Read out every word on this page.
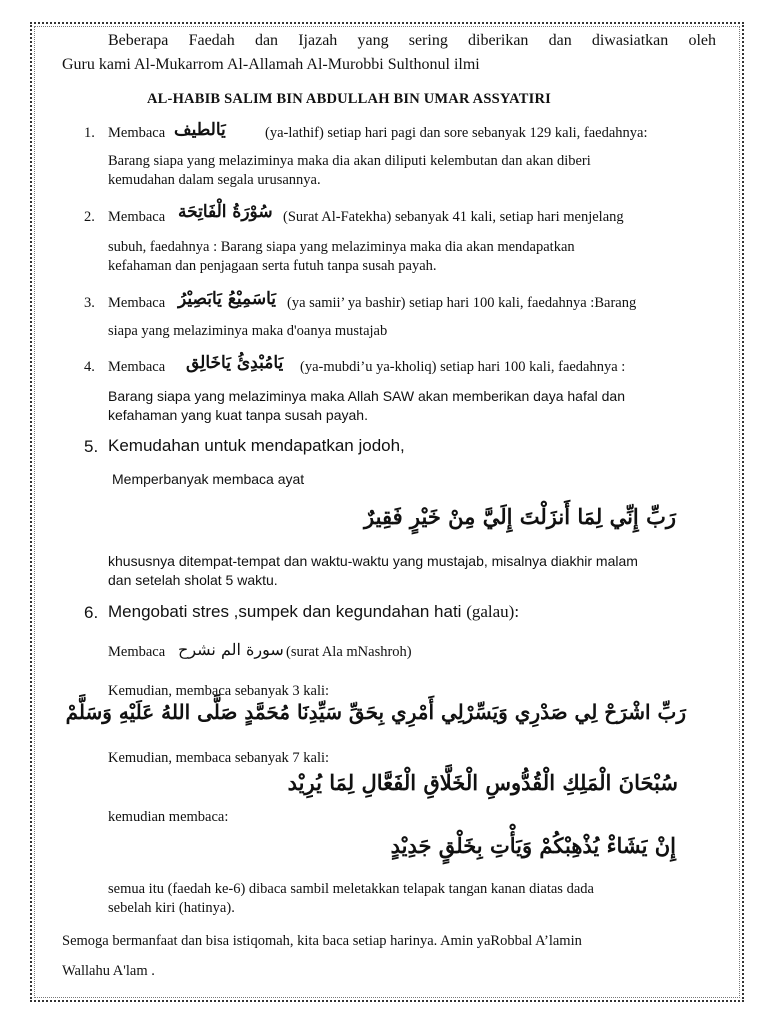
Beberapa Faedah dan Ijazah yang sering diberikan dan diwasiatkan oleh
Guru kami Al-Mukarrom Al-Allamah Al-Murobbi Sulthonul ilmi
AL-HABIB SALIM BIN ABDULLAH BIN UMAR ASSYATIRI
1. Membaca يَالطيف	(ya-lathif) setiap hari pagi dan sore sebanyak 129 kali, faedahnya:
Barang siapa yang melaziminya maka dia akan diliputi kelembutan dan akan diberi
kemudahan dalam segala urusannya.
2. Membaca سُوْرَةُ الْفَاتِحَة (Surat Al-Fatekha) sebanyak 41 kali, setiap hari menjelang
subuh, faedahnya : Barang siapa yang melaziminya maka dia akan mendapatkan
kefahaman dan penjagaan serta futuh tanpa susah payah.
3. Membaca يَاسَمِيْعُ يَابَصِيْرُ (ya samii’ ya bashir) setiap hari 100 kali, faedahnya :Barang
siapa yang melaziminya maka d'oanya mustajab
4. Membaca يَامُبْدِئُ يَاخَالِق (ya-mubdi’u ya-kholiq) setiap hari 100 kali, faedahnya :
Barang siapa yang melaziminya maka Allah SAW akan memberikan daya hafal dan
kefahaman yang kuat tanpa susah payah.
5. Kemudahan untuk mendapatkan jodoh,
Memperbanyak membaca ayat
رَبِّ إِنِّي لِمَا أَنزَلْتَ إِلَيَّ مِنْ خَيْرٍ فَقِيرٌ
khususnya ditempat-tempat dan waktu-waktu yang mustajab, misalnya diakhir malam
dan setelah sholat 5 waktu.
6. Mengobati stres ,sumpek dan kegundahan hati (galau):
Membaca سورة الم نشرح (surat Ala mNashroh)
Kemudian, membaca sebanyak 3 kali:
رَبِّ اشْرَحْ لِي صَدْرِي وَيَسِّرْلِي أَمْرِي بِحَقِّ سَيِّدِنَا مُحَمَّدٍ صَلَّى اللهُ عَلَيْهِ وَسَلَّمْ
Kemudian, membaca sebanyak 7 kali:
سُبْحَانَ الْمَلِكِ الْقُدُّوسِ الْخَلَّاقِ الْفَعَّالِ لِمَا يُرِيْد
kemudian membaca:
إِنْ يَشَاءْ يُذْهِبْكُمْ وَيَأْتِ بِخَلْقٍ جَدِيْدٍ
semua itu (faedah ke-6) dibaca sambil meletakkan telapak tangan kanan diatas dada
sebelah kiri (hatinya).
Semoga bermanfaat dan bisa istiqomah, kita baca setiap harinya. Amin yaRobbal A’lamin
Wallahu A'lam .
